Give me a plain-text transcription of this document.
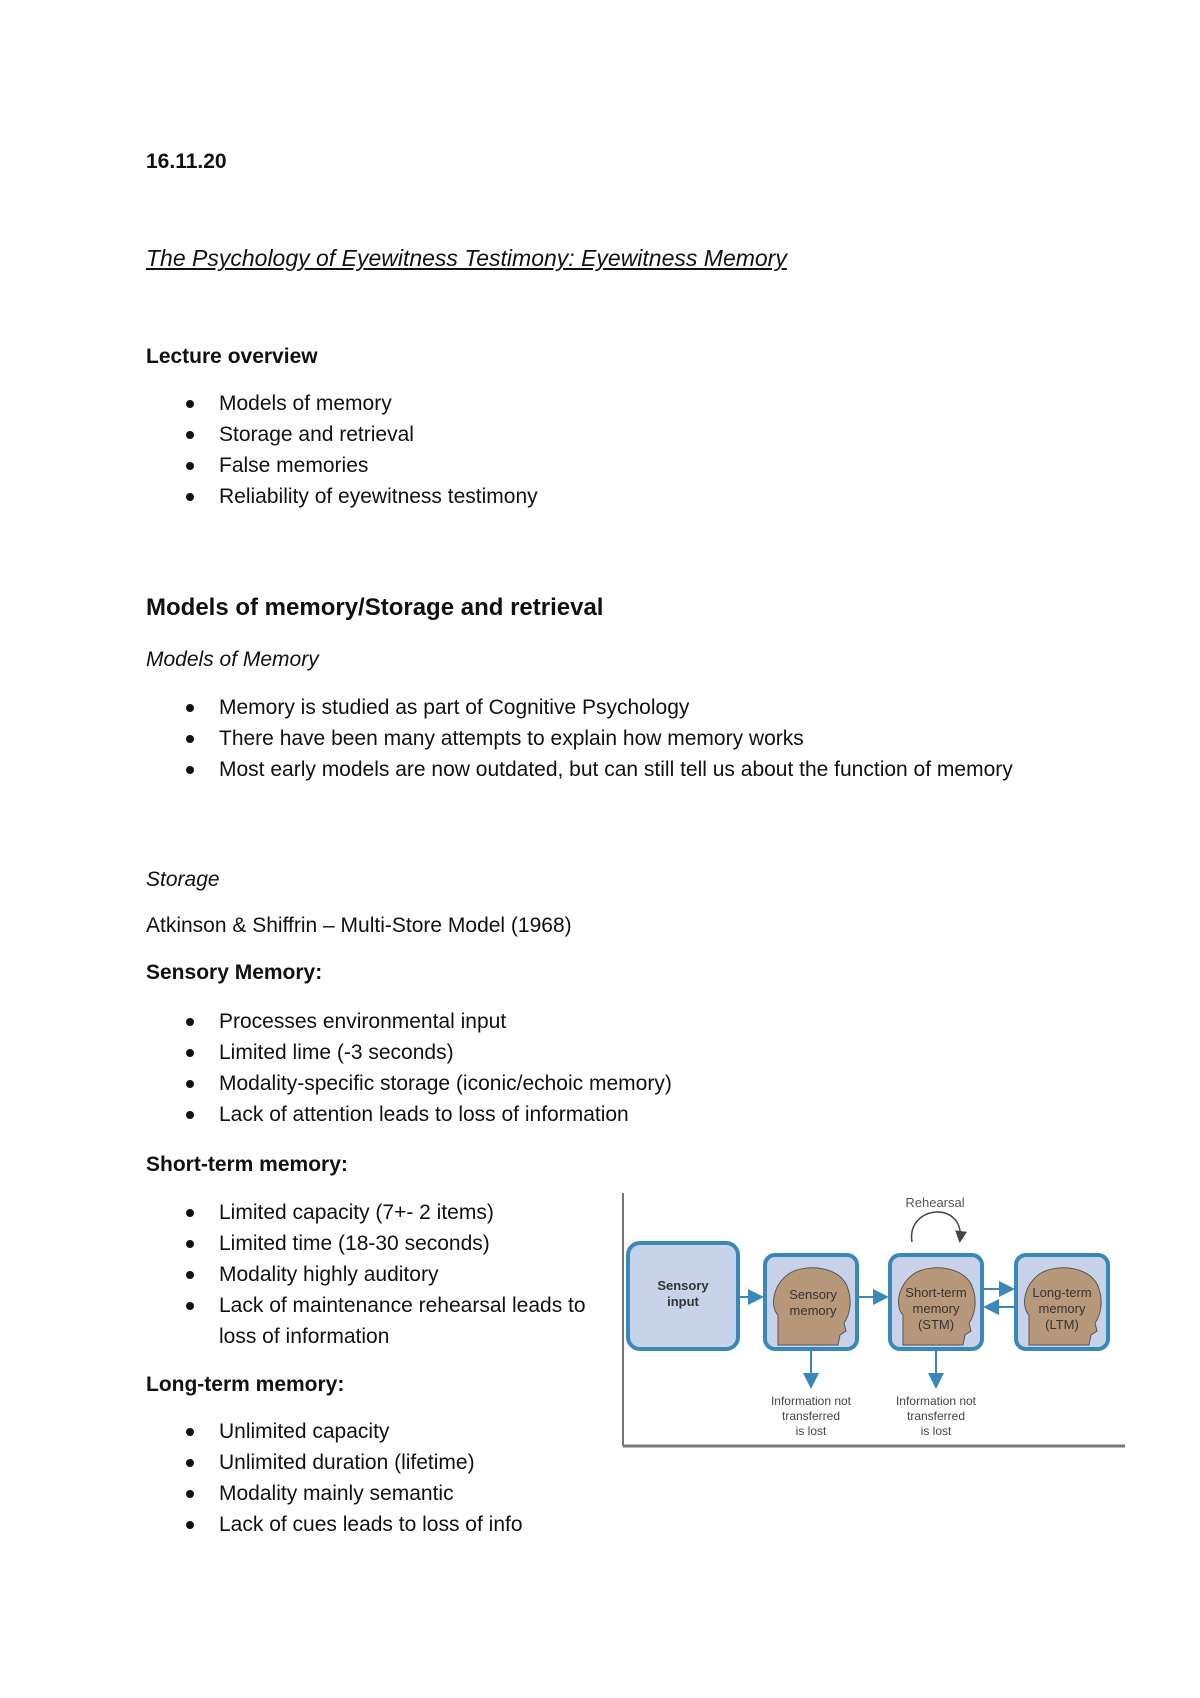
16.11.20
The Psychology of Eyewitness Testimony: Eyewitness Memory
Lecture overview
Models of memory
Storage and retrieval
False memories
Reliability of eyewitness testimony
Models of memory/Storage and retrieval
Models of Memory
Memory is studied as part of Cognitive Psychology
There have been many attempts to explain how memory works
Most early models are now outdated, but can still tell us about the function of memory
Storage
Atkinson & Shiffrin – Multi-Store Model (1968)
Sensory Memory:
Processes environmental input
Limited lime (-3 seconds)
Modality-specific storage (iconic/echoic memory)
Lack of attention leads to loss of information
Short-term memory:
Limited capacity (7+- 2 items)
Limited time (18-30 seconds)
Modality highly auditory
Lack of maintenance rehearsal leads to loss of information
Long-term memory:
Unlimited capacity
Unlimited duration (lifetime)
Modality mainly semantic
Lack of cues leads to loss of info
Rehearsal
Sensory
input	Sensory
memory
Short-term
memory
(STM)
Long-term
memory
(LTM)
Information not
transferred
is lost
Information not
transferred
is lost
